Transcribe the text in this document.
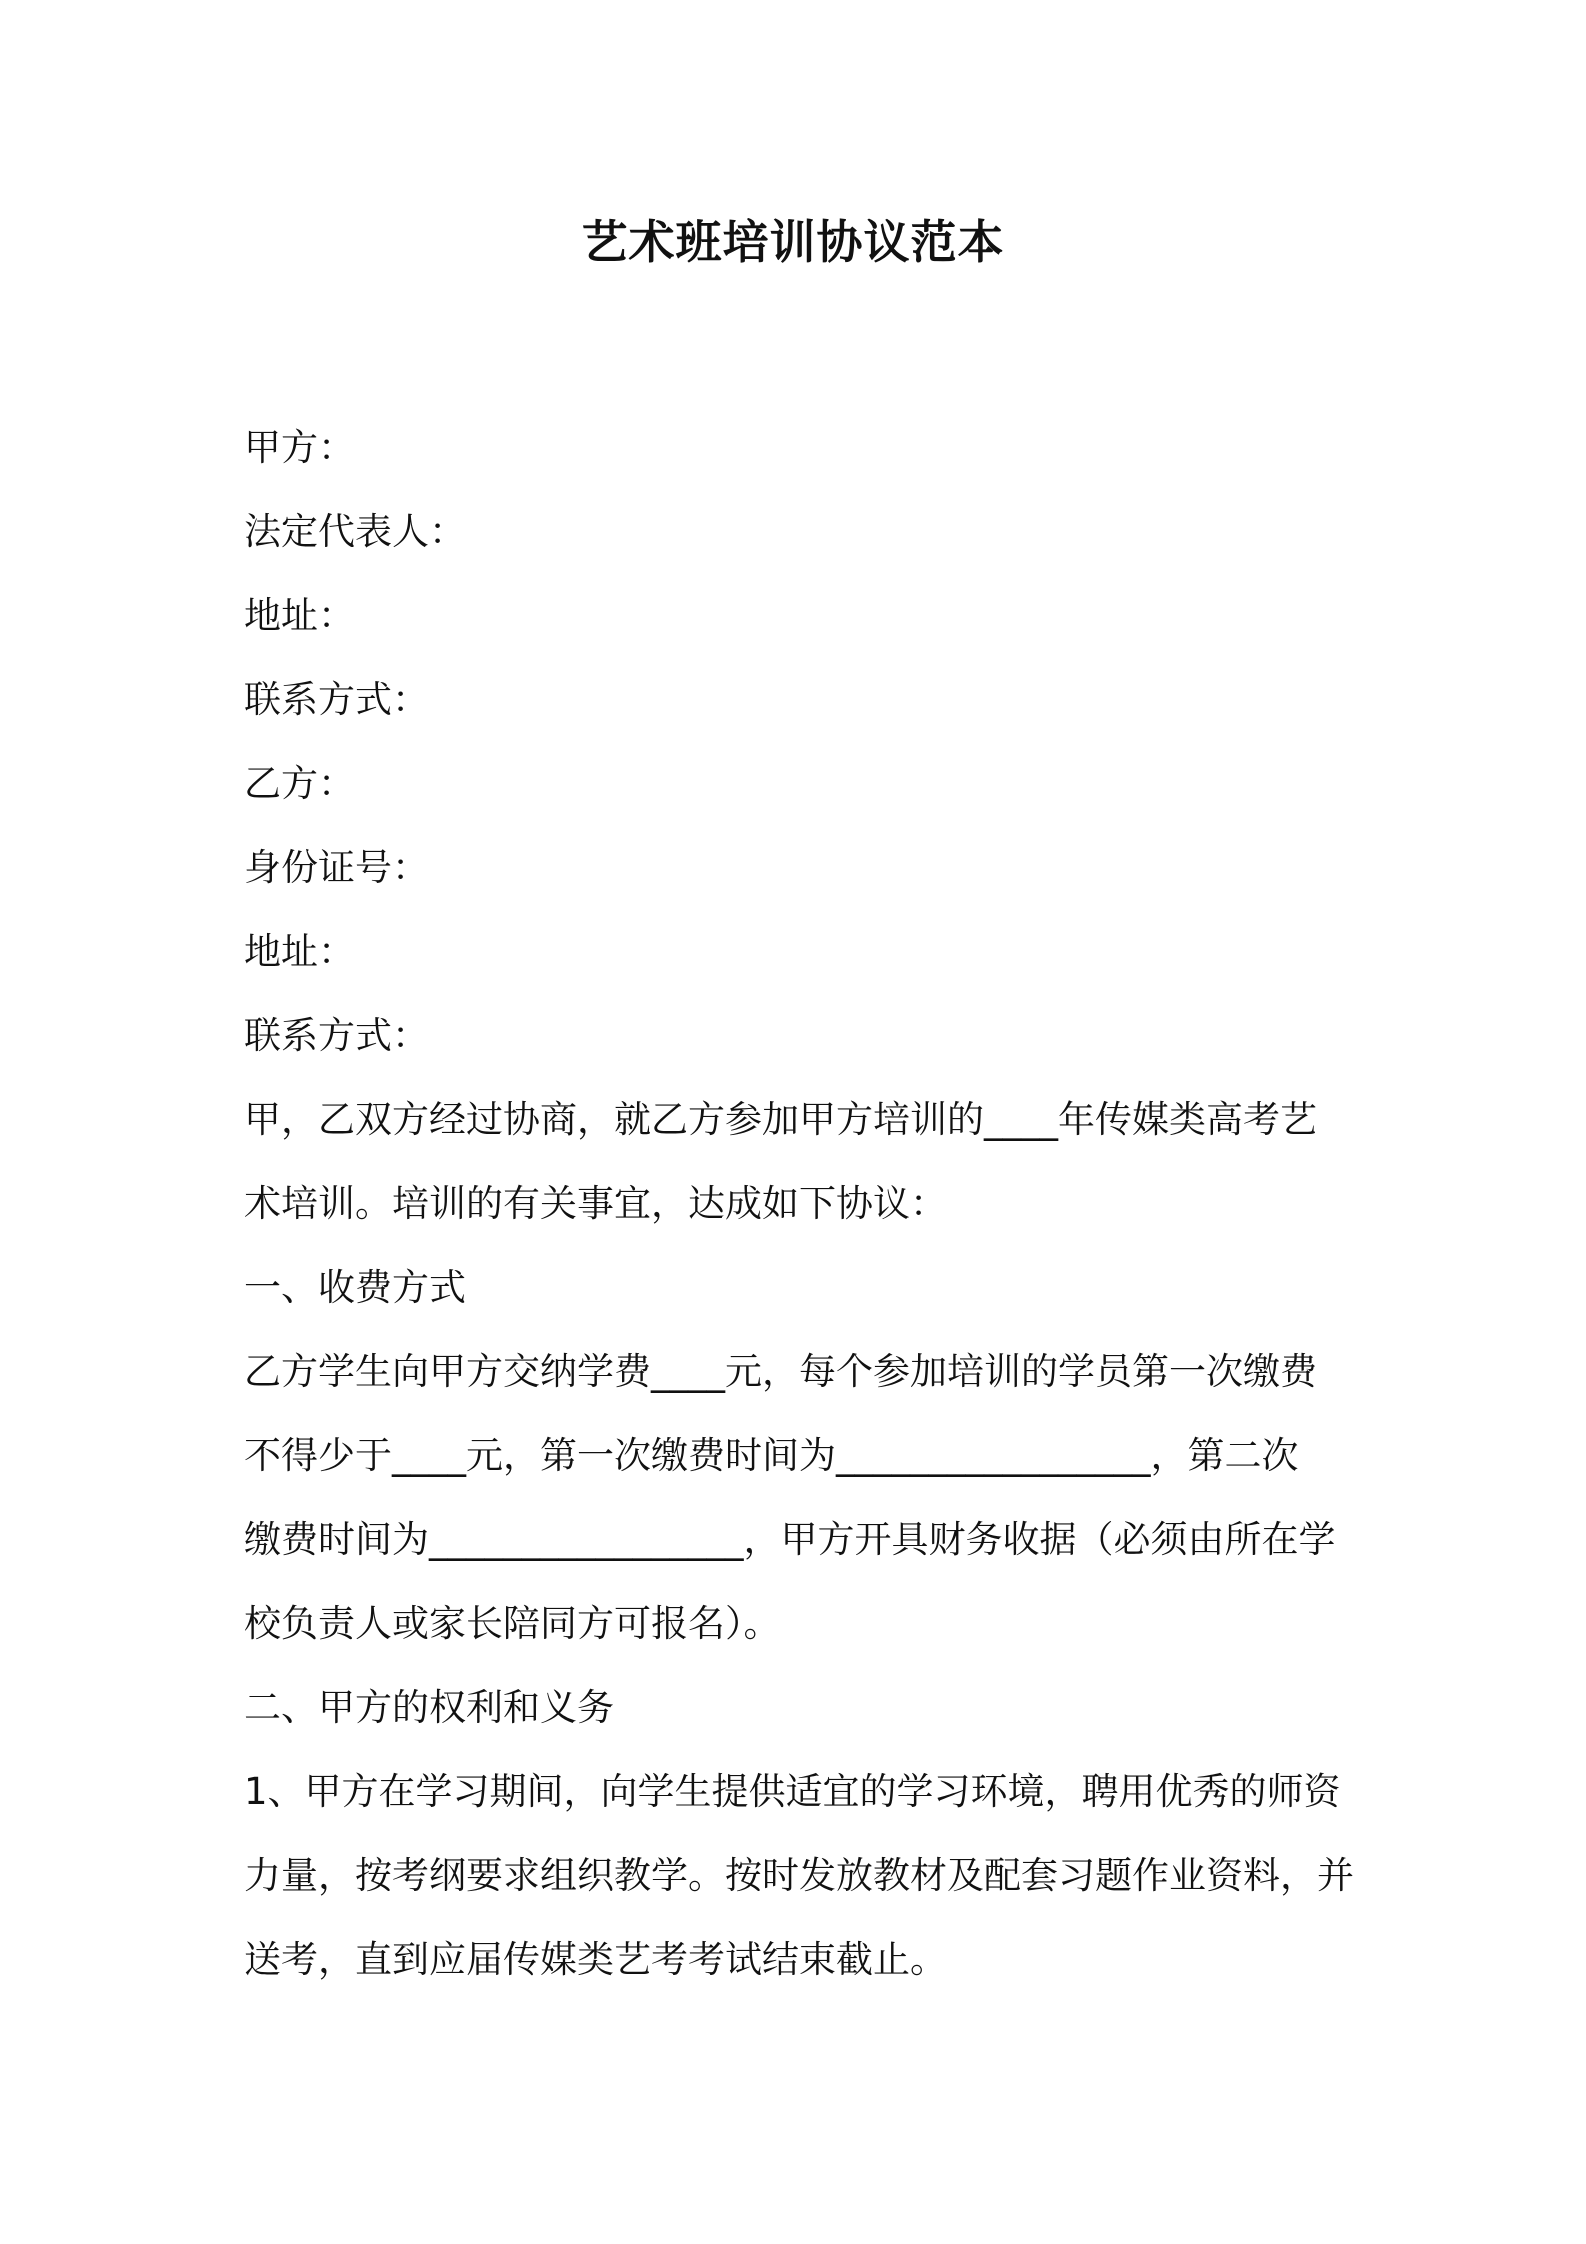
艺术班培训协议范本

甲方：

法定代表人：

地址：

联系方式：

乙方：

身份证号：

地址：

联系方式：

甲，乙双方经过协商，就乙方参加甲方培训的____年传媒类高考艺

术培训。培训的有关事宜，达成如下协议：

一、收费方式

乙方学生向甲方交纳学费____元，每个参加培训的学员第一次缴费

不得少于____元，第一次缴费时间为_________________，第二次

缴费时间为_________________，甲方开具财务收据（必须由所在学

校负责人或家长陪同方可报名）。

二、甲方的权利和义务

1、甲方在学习期间，向学生提供适宜的学习环境，聘用优秀的师资

力量，按考纲要求组织教学。按时发放教材及配套习题作业资料，并

送考，直到应届传媒类艺考考试结束截止。
